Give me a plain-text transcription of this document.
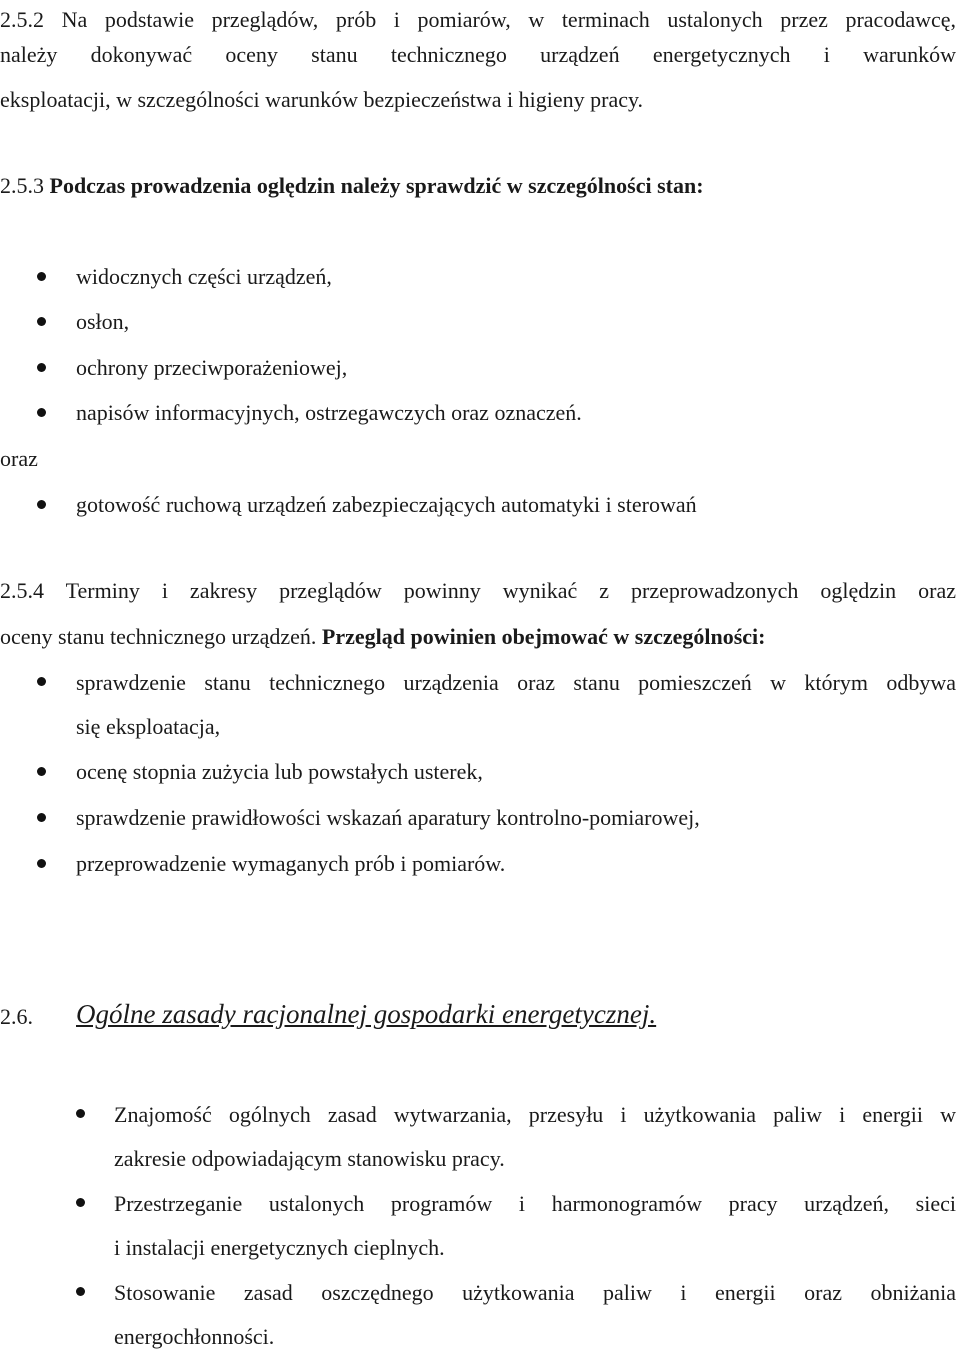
2.5.2 Na podstawie przeglądów, prób i pomiarów, w terminach ustalonych przez pracodawcę,

należy dokonywać oceny stanu technicznego urządzeń energetycznych i warunków

eksploatacji, w szczególności warunków bezpieczeństwa i higieny pracy.

2.5.3 Podczas prowadzenia oględzin należy sprawdzić w szczególności stan:

widocznych części urządzeń,
osłon,
ochrony przeciwporażeniowej,
napisów informacyjnych, ostrzegawczych oraz oznaczeń.

oraz

gotowość ruchową urządzeń zabezpieczających automatyki i sterowań

2.5.4 Terminy i zakresy przeglądów powinny wynikać z przeprowadzonych oględzin oraz

oceny stanu technicznego urządzeń. Przegląd powinien obejmować w szczególności:

sprawdzenie stanu technicznego urządzenia oraz stanu pomieszczeń w którym odbywa
się eksploatacja,
ocenę stopnia zużycia lub powstałych usterek,
sprawdzenie prawidłowości wskazań aparatury kontrolno-pomiarowej,
przeprowadzenie wymaganych prób i pomiarów.
2.6. Ogólne zasady racjonalnej gospodarki energetycznej.
Znajomość ogólnych zasad wytwarzania, przesyłu i użytkowania paliw i energii w
zakresie odpowiadającym stanowisku pracy.
Przestrzeganie ustalonych programów i harmonogramów pracy urządzeń, sieci
i instalacji energetycznych cieplnych.
Stosowanie zasad oszczędnego użytkowania paliw i energii oraz obniżania
energochłonności.
